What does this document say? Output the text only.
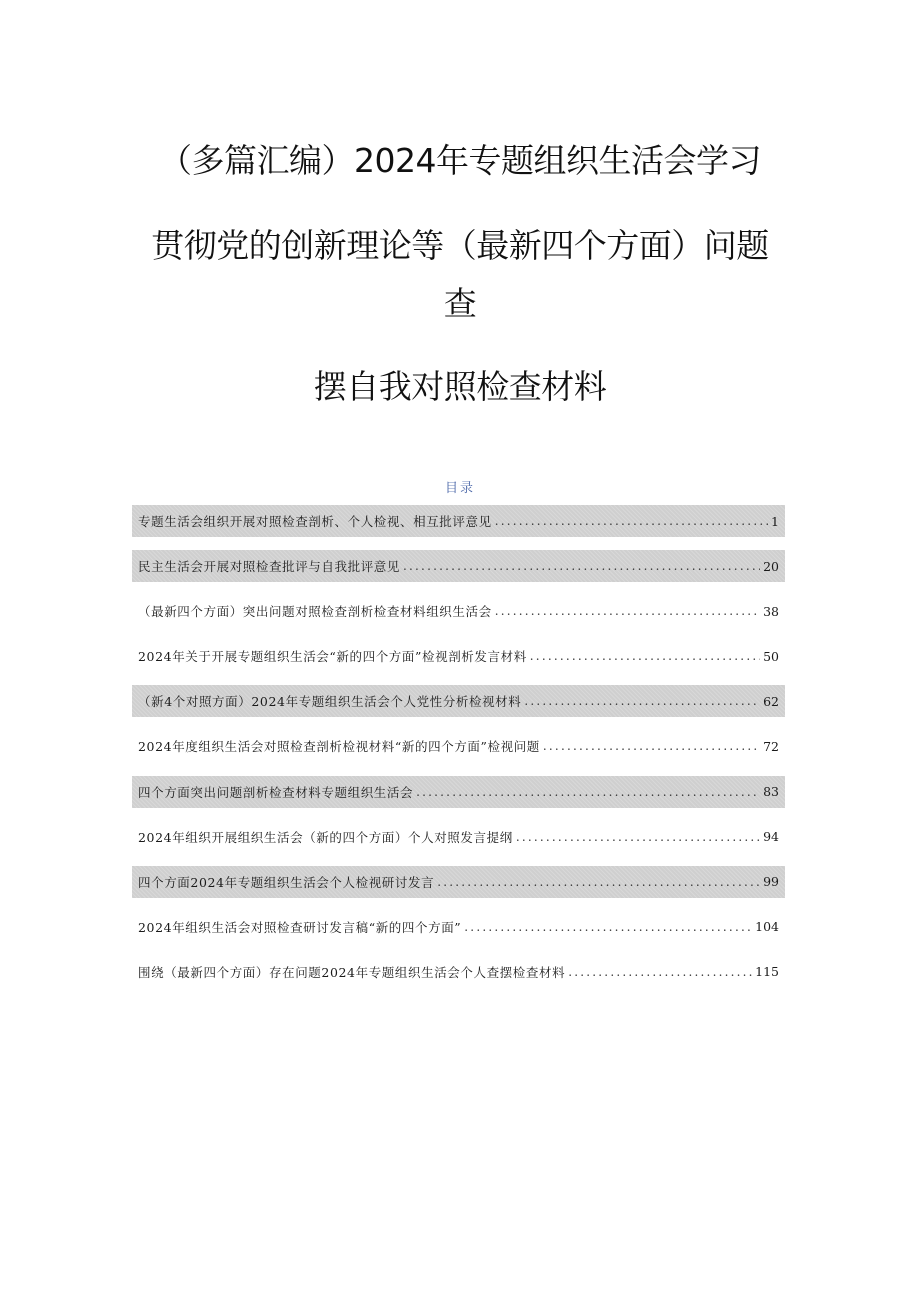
（多篇汇编）2024年专题组织生活会学习
贯彻党的创新理论等（最新四个方面）问题
查
摆自我对照检查材料
目录
专题生活会组织开展对照检查剖析、个人检视、相互批评意见 .....	1
民主生活会开展对照检查批评与自我批评意见 .....	20
（最新四个方面）突出问题对照检查剖析检查材料组织生活会 .....	38
2024年关于开展专题组织生活会“新的四个方面”检视剖析发言材料 .....	50
（新4个对照方面）2024年专题组织生活会个人党性分析检视材料 .....	62
2024年度组织生活会对照检查剖析检视材料“新的四个方面”检视问题 .....	72
四个方面突出问题剖析检查材料专题组织生活会 .....	83
2024年组织开展组织生活会（新的四个方面）个人对照发言提纲 .....	94
四个方面2024年专题组织生活会个人检视研讨发言 .....	99
2024年组织生活会对照检查研讨发言稿“新的四个方面” .....	104
围绕（最新四个方面）存在问题2024年专题组织生活会个人查摆检查材料 .....	115
